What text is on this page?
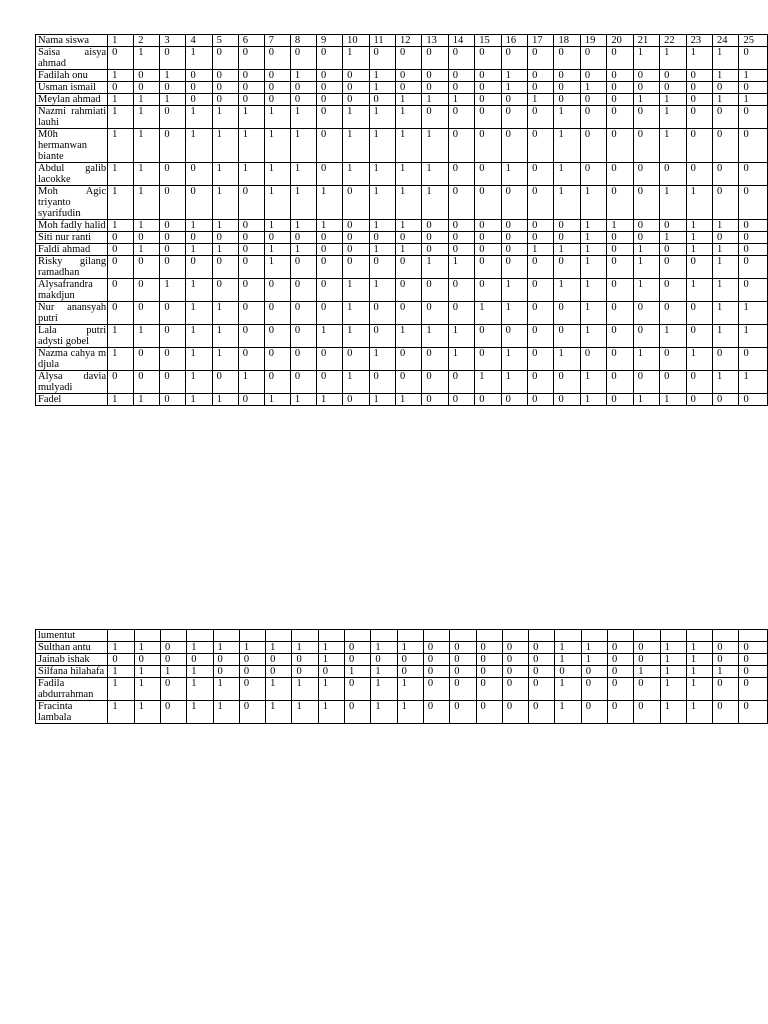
Nama siswa	1	2	3	4	5	6	7	8	9	10	11	12	13	14	15	16	17	18	19	20	21	22	23	24	25
Saisa aisya ahmad	0	1	0	1	0	0	0	0	0	1	0	0	0	0	0	0	0	0	0	0	1	1	1	1	0
Fadilah onu	1	0	1	0	0	0	0	1	0	0	1	0	0	0	0	1	0	0	0	0	0	0	0	1	1
Usman ismail	0	0	0	0	0	0	0	0	0	0	1	0	0	0	0	1	0	0	1	0	0	0	0	0	0
Meylan ahmad	1	1	1	0	0	0	0	0	0	0	0	1	1	1	0	0	1	0	0	0	1	1	0	1	1
Nazmi rahmiati lauhi	1	1	0	1	1	1	1	1	0	1	1	1	0	0	0	0	0	1	0	0	0	1	0	0	0
M0h hermanwan biante	1	1	0	1	1	1	1	1	0	1	1	1	1	0	0	0	0	1	0	0	0	1	0	0	0
Abdul galib lacokke	1	1	0	0	1	1	1	1	0	1	1	1	1	0	0	1	0	1	0	0	0	0	0	0	0
Moh Agic triyanto syarifudin	1	1	0	0	1	0	1	1	1	0	1	1	1	0	0	0	0	1	1	0	0	1	1	0	0
Moh fadly halid	1	1	0	1	1	0	1	1	1	0	1	1	0	0	0	0	0	0	1	1	0	0	1	1	0
Siti nur ranti	0	0	0	0	0	0	0	0	0	0	0	0	0	0	0	0	0	0	1	0	0	1	1	0	0
Faldi ahmad	0	1	0	1	1	0	1	1	0	0	1	1	0	0	0	0	1	1	1	0	1	0	1	1	0
Risky gilang ramadhan	0	0	0	0	0	0	1	0	0	0	0	0	1	1	0	0	0	0	1	0	1	0	0	1	0
Alysafrandra makdjun	0	0	1	1	0	0	0	0	0	1	1	0	0	0	0	1	0	1	1	0	1	0	1	1	0
Nur anansyah putri	0	0	0	1	1	0	0	0	0	1	0	0	0	0	1	1	0	0	1	0	0	0	0	1	1
Lala putri adysti gobel	1	1	0	1	1	0	0	0	1	1	0	1	1	1	0	0	0	0	1	0	0	1	0	1	1
Nazma cahya m djula	1	0	0	1	1	0	0	0	0	0	1	0	0	1	0	1	0	1	0	0	1	0	1	0	0
Alysa davia mulyadi	0	0	0	1	0	1	0	0	0	1	0	0	0	0	1	1	0	0	1	0	0	0	0	1	1
Fadel	1	1	0	1	1	0	1	1	1	0	1	1	0	0	0	0	0	0	1	0	1	1	0	0	0
lumentut																									
Sulthan antu	1	1	0	1	1	1	1	1	1	0	1	1	0	0	0	0	0	1	1	0	0	1	1	0	0
Jainab ishak	0	0	0	0	0	0	0	0	1	0	0	0	0	0	0	0	0	1	1	0	0	1	1	0	0
Silfana hilahafa	1	1	1	1	0	0	0	0	0	1	1	0	0	0	0	0	0	0	0	0	1	1	1	1	0
Fadila abdurrahman	1	1	0	1	1	0	1	1	1	0	1	1	0	0	0	0	0	1	0	0	0	1	1	0	0
Fracinta lambala	1	1	0	1	1	0	1	1	1	0	1	1	0	0	0	0	0	1	0	0	0	1	1	0	0
